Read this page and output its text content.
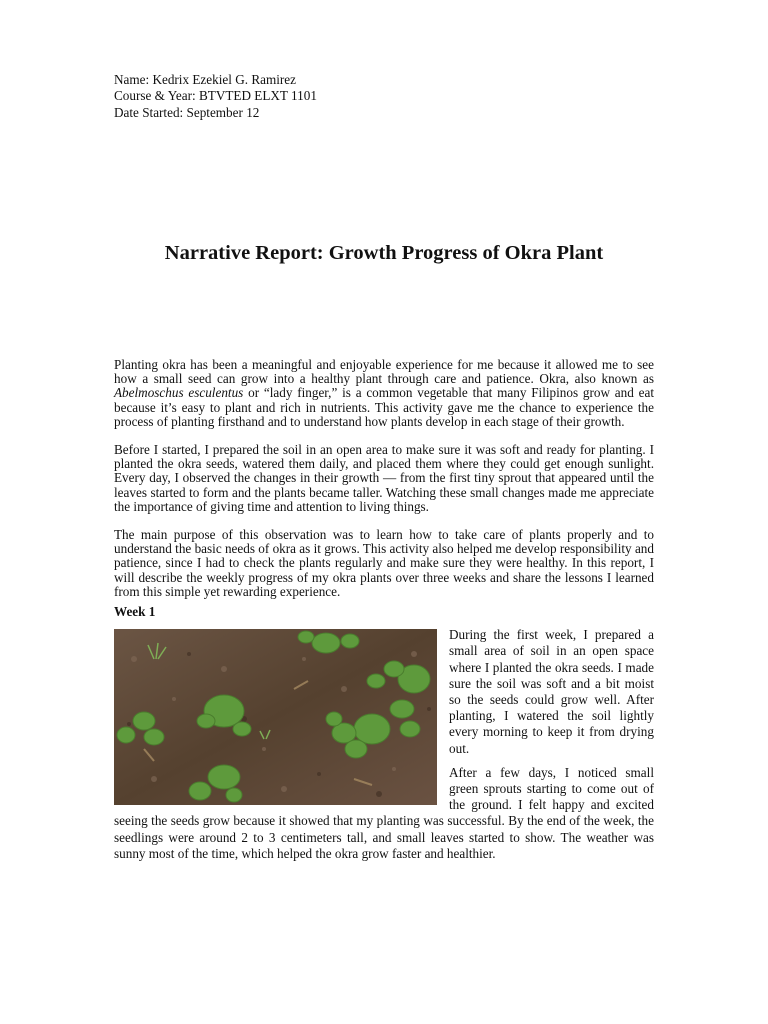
Name: Kedrix Ezekiel G. Ramirez
Course & Year: BTVTED ELXT 1101
Date Started: September 12
Narrative Report: Growth Progress of Okra Plant

Planting okra has been a meaningful and enjoyable experience for me because it allowed me to see how a small seed can grow into a healthy plant through care and patience. Okra, also known as Abelmoschus esculentus or “lady finger,” is a common vegetable that many Filipinos grow and eat because it’s easy to plant and rich in nutrients. This activity gave me the chance to experience the process of planting firsthand and to understand how plants develop in each stage of their growth.

Before I started, I prepared the soil in an open area to make sure it was soft and ready for planting. I planted the okra seeds, watered them daily, and placed them where they could get enough sunlight. Every day, I observed the changes in their growth — from the first tiny sprout that appeared until the leaves started to form and the plants became taller. Watching these small changes made me appreciate the importance of giving time and attention to living things.

The main purpose of this observation was to learn how to take care of plants properly and to understand the basic needs of okra as it grows. This activity also helped me develop responsibility and patience, since I had to check the plants regularly and make sure they were healthy. In this report, I will describe the weekly progress of my okra plants over three weeks and share the lessons I learned from this simple yet rewarding experience.

Week 1

During the first week, I prepared a small area of soil in an open space where I planted the okra seeds. I made sure the soil was soft and a bit moist so the seeds could grow well. After planting, I watered the soil lightly every morning to keep it from drying out.

After a few days, I noticed small green sprouts starting to come out of the ground. I felt happy and excited seeing the seeds grow because it showed that my planting was successful. By the end of the week, the seedlings were around 2 to 3 centimeters tall, and small leaves started to show. The weather was sunny most of the time, which helped the okra grow faster and healthier.
